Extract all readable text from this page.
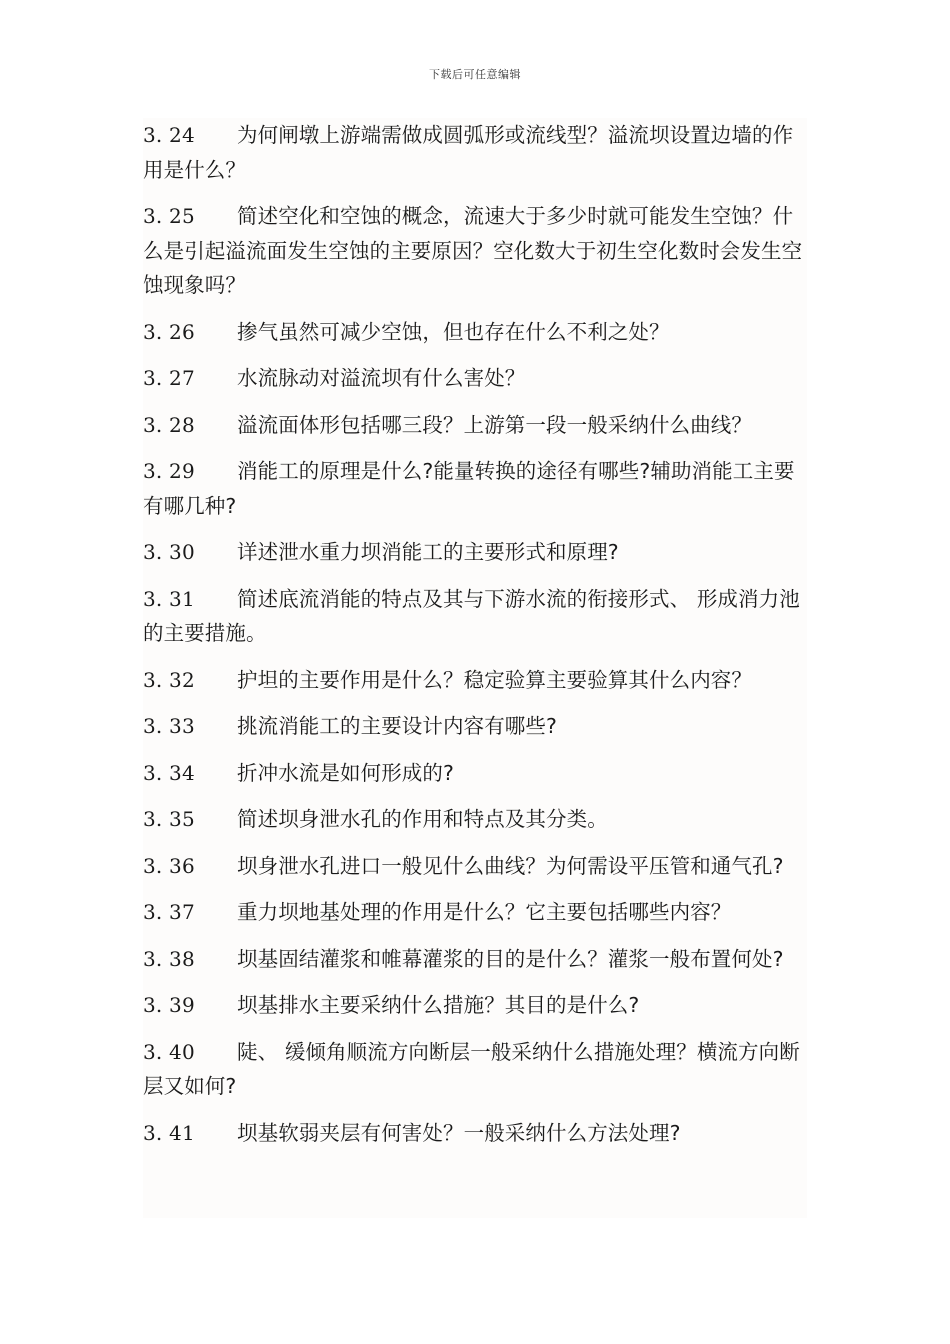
下载后可任意编辑
3. 24 为何闸墩上游端需做成圆弧形或流线型？溢流坝设置边墙的作用是什么？
3. 25 简述空化和空蚀的概念，流速大于多少时就可能发生空蚀？什么是引起溢流面发生空蚀的主要原因？空化数大于初生空化数时会发生空蚀现象吗？
3. 26 掺气虽然可减少空蚀，但也存在什么不利之处？
3. 27 水流脉动对溢流坝有什么害处？
3. 28 溢流面体形包括哪三段？上游第一段一般采纳什么曲线？
3. 29 消能工的原理是什么?能量转换的途径有哪些?辅助消能工主要有哪几种?
3. 30 详述泄水重力坝消能工的主要形式和原理?
3. 31 简述底流消能的特点及其与下游水流的衔接形式、 形成消力池的主要措施。
3. 32 护坦的主要作用是什么？稳定验算主要验算其什么内容？
3. 33 挑流消能工的主要设计内容有哪些?
3. 34 折冲水流是如何形成的?
3. 35 简述坝身泄水孔的作用和特点及其分类。
3. 36 坝身泄水孔进口一般见什么曲线？为何需设平压管和通气孔?
3. 37 重力坝地基处理的作用是什么？它主要包括哪些内容？
3. 38 坝基固结灌浆和帷幕灌浆的目的是什么？灌浆一般布置何处?
3. 39 坝基排水主要采纳什么措施？其目的是什么?
3. 40 陡、 缓倾角顺流方向断层一般采纳什么措施处理？横流方向断层又如何?
3. 41 坝基软弱夹层有何害处？一般采纳什么方法处理?
